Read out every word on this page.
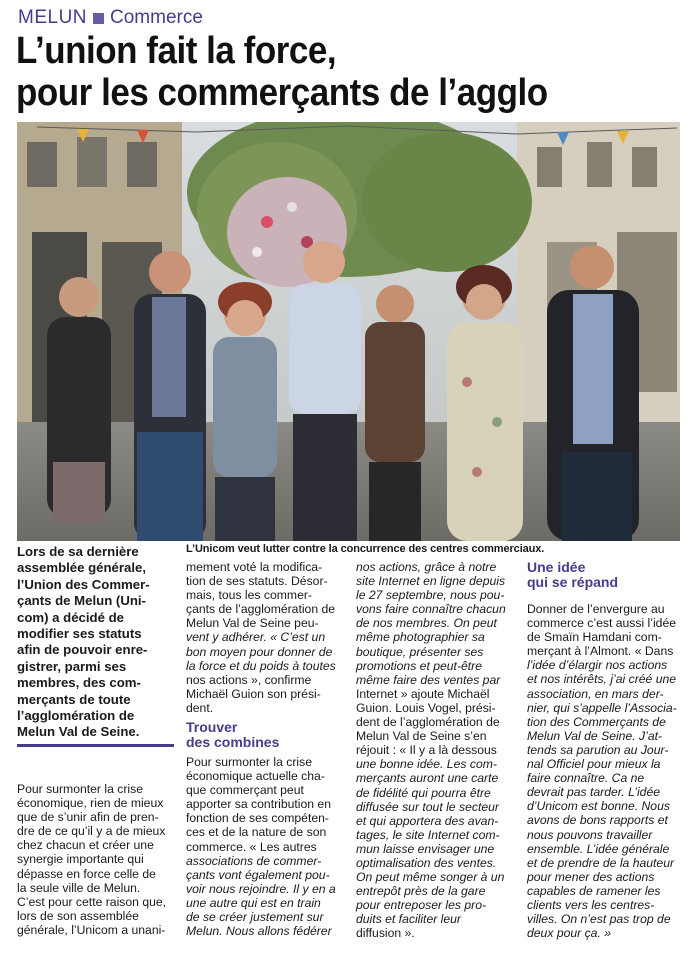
MELUN Commerce
L’union fait la force,
pour les commerçants de l’agglo
L’Unicom veut lutter contre la concurrence des centres commerciaux.
Lors de sa dernière
assemblée générale,
l’Union des Commer-
çants de Melun (Uni-
com) a décidé de
modifier ses statuts
afin de pouvoir enre-
gistrer, parmi ses
membres, des com-
merçants de toute
l’agglomération de
Melun Val de Seine.
Pour surmonter la crise
économique, rien de mieux
que de s’unir afin de pren-
dre de ce qu’il y a de mieux
chez chacun et créer une
synergie importante qui
dépasse en force celle de
la seule ville de Melun.
C’est pour cette raison que,
lors de son assemblée
générale, l’Unicom a unani-
mement voté la modifica-
tion de ses statuts. Désor-
mais, tous les commer-
çants de l’agglomération de
Melun Val de Seine peu-
vent y adhérer. « C’est un
bon moyen pour donner de
la force et du poids à toutes
nos actions », confirme
Michaël Guion son prési-
dent.
Trouver
des combines
Pour surmonter la crise
économique actuelle cha-
que commerçant peut
apporter sa contribution en
fonction de ses compéten-
ces et de la nature de son
commerce. « Les autres
associations de commer-
çants vont également pou-
voir nous rejoindre. Il y en a
une autre qui est en train
de se créer justement sur
Melun. Nous allons fédérer
nos actions, grâce à notre
site Internet en ligne depuis
le 27 septembre, nous pou-
vons faire connaître chacun
de nos membres. On peut
même photographier sa
boutique, présenter ses
promotions et peut-être
même faire des ventes par
Internet » ajoute Michaël
Guion. Louis Vogel, prési-
dent de l’agglomération de
Melun Val de Seine s’en
réjouit : « Il y a là dessous
une bonne idée. Les com-
merçants auront une carte
de fidélité qui pourra être
diffusée sur tout le secteur
et qui apportera des avan-
tages, le site Internet com-
mun laisse envisager une
optimalisation des ventes.
On peut même songer à un
entrepôt près de la gare
pour entreposer les pro-
duits et faciliter leur
diffusion ».
Une idée
qui se répand
Donner de l’envergure au
commerce c’est aussi l’idée
de Smaïn Hamdani com-
merçant à l’Almont. « Dans
l’idée d’élargir nos actions
et nos intérêts, j’ai créé une
association, en mars der-
nier, qui s’appelle l’Associa-
tion des Commerçants de
Melun Val de Seine. J’at-
tends sa parution au Jour-
nal Officiel pour mieux la
faire connaître. Ca ne
devrait pas tarder. L’idée
d’Unicom est bonne. Nous
avons de bons rapports et
nous pouvons travailler
ensemble. L’idée générale
et de prendre de la hauteur
pour mener des actions
capables de ramener les
clients vers les centres-
villes. On n’est pas trop de
deux pour ça. »
